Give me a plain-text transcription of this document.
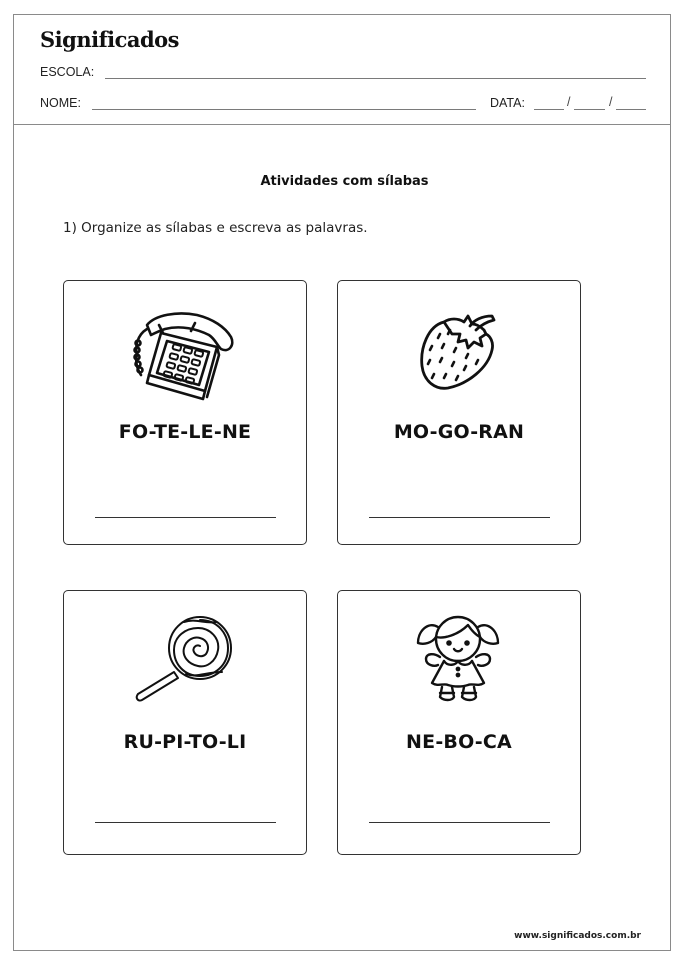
Significados
ESCOLA:
NOME:	DATA:	/	/
Atividades com sílabas
1) Organize as sílabas e escreva as palavras.
FO-TE-LE-NE	MO-GO-RAN
RU-PI-TO-LI	NE-BO-CA
www.significados.com.br
